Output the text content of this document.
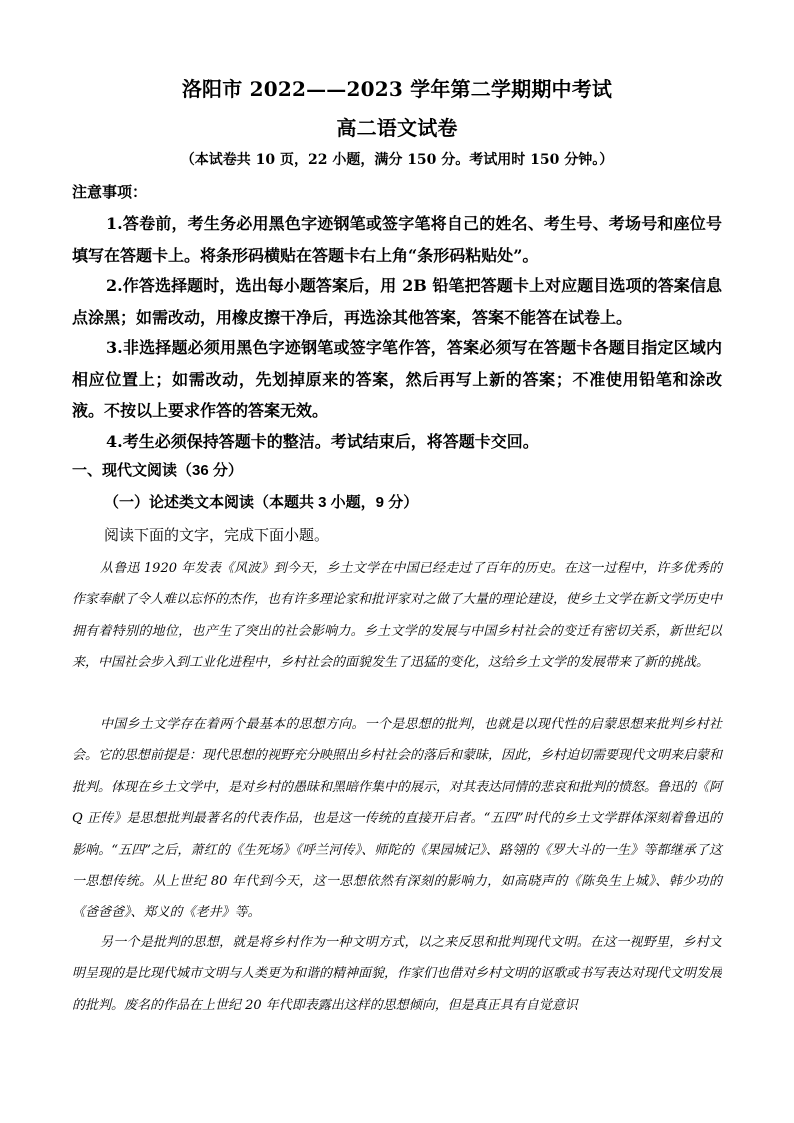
洛阳市 2022——2023 学年第二学期期中考试
高二语文试卷
（本试卷共 10 页，22 小题，满分 150 分。考试用时 150 分钟。）
注意事项：
1.答卷前，考生务必用黑色字迹钢笔或签字笔将自己的姓名、考生号、考场号和座位号填写在答题卡上。将条形码横贴在答题卡右上角“条形码粘贴处”。
2.作答选择题时，选出每小题答案后，用 2B 铅笔把答题卡上对应题目选项的答案信息点涂黑；如需改动，用橡皮擦干净后，再选涂其他答案，答案不能答在试卷上。
3.非选择题必须用黑色字迹钢笔或签字笔作答，答案必须写在答题卡各题目指定区域内相应位置上；如需改动，先划掉原来的答案，然后再写上新的答案；不准使用铅笔和涂改液。不按以上要求作答的答案无效。
4.考生必须保持答题卡的整洁。考试结束后，将答题卡交回。
一、现代文阅读（36 分）
（一）论述类文本阅读（本题共 3 小题，9 分）
阅读下面的文字，完成下面小题。
从鲁迅 1920 年发表《风波》到今天，乡土文学在中国已经走过了百年的历史。在这一过程中，许多优秀的作家奉献了令人难以忘怀的杰作，也有许多理论家和批评家对之做了大量的理论建设，使乡土文学在新文学历史中拥有着特别的地位，也产生了突出的社会影响力。乡土文学的发展与中国乡村社会的变迁有密切关系，新世纪以来，中国社会步入到工业化进程中，乡村社会的面貌发生了迅猛的变化，这给乡土文学的发展带来了新的挑战。
中国乡土文学存在着两个最基本的思想方向。一个是思想的批判，也就是以现代性的启蒙思想来批判乡村社会。它的思想前提是：现代思想的视野充分映照出乡村社会的落后和蒙昧，因此，乡村迫切需要现代文明来启蒙和批判。体现在乡土文学中，是对乡村的愚昧和黑暗作集中的展示，对其表达同情的悲哀和批判的愤怒。鲁迅的《阿 Q 正传》是思想批判最著名的代表作品，也是这一传统的直接开启者。“五四”时代的乡土文学群体深刻着鲁迅的影响。“五四”之后，萧红的《生死场》《呼兰河传》、师陀的《果园城记》、路翎的《罗大斗的一生》等都继承了这一思想传统。从上世纪 80 年代到今天，这一思想依然有深刻的影响力，如高晓声的《陈奂生上城》、韩少功的《爸爸爸》、郑义的《老井》等。
另一个是批判的思想，就是将乡村作为一种文明方式，以之来反思和批判现代文明。在这一视野里，乡村文明呈现的是比现代城市文明与人类更为和谐的精神面貌，作家们也借对乡村文明的讴歌或书写表达对现代文明发展的批判。废名的作品在上世纪 20 年代即表露出这样的思想倾向，但是真正具有自觉意识
